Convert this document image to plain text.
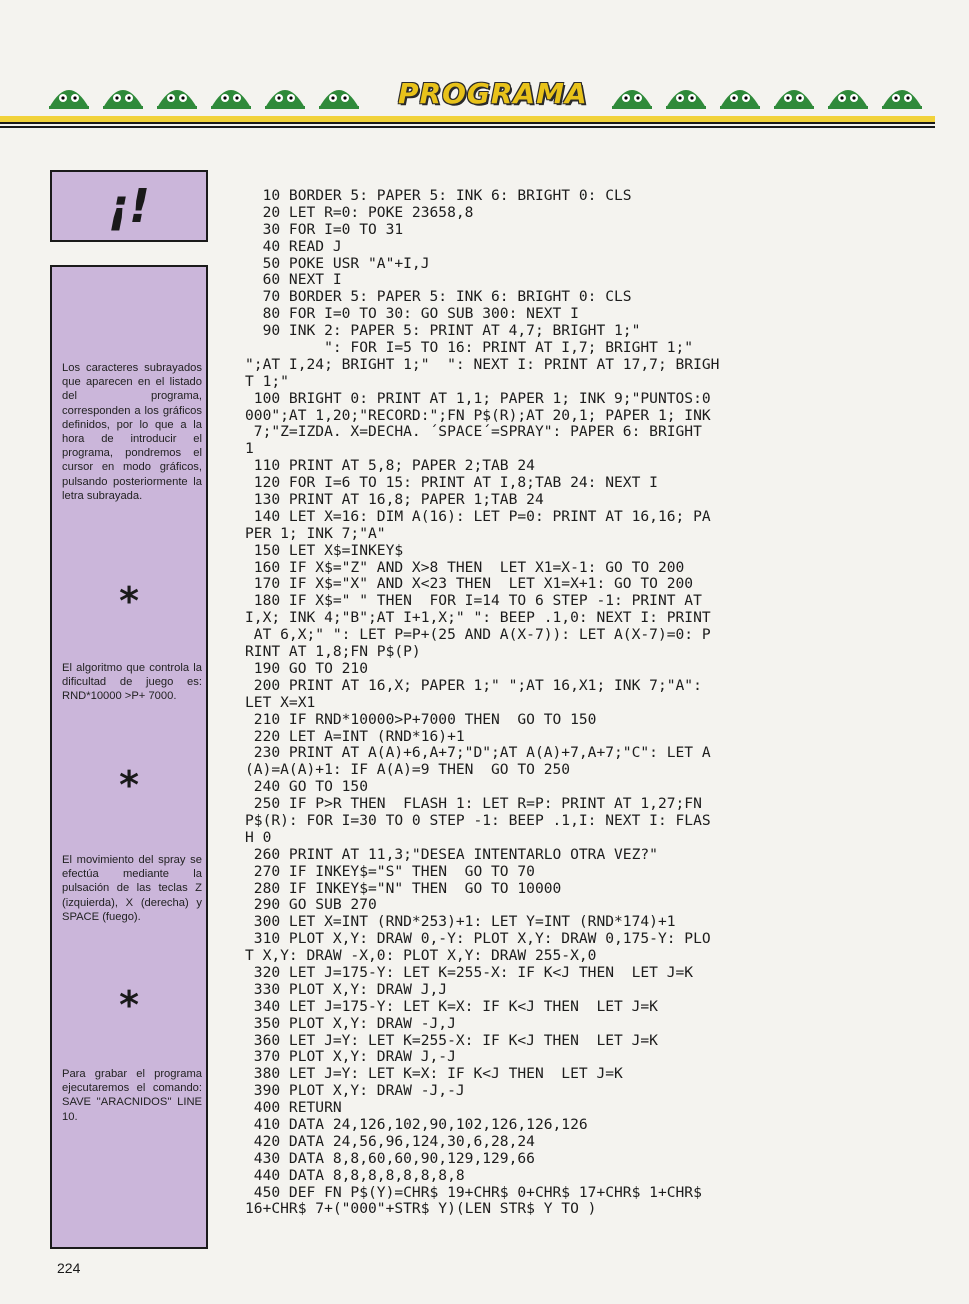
PROGRAMA
¡!
Los caracteres subrayados que aparecen en el listado del programa, corresponden a los gráficos definidos, por lo que a la hora de introducir el programa, pondremos el cursor en modo gráficos, pulsando posteriormente la letra subrayada.
*
El algoritmo que controla la dificultad de juego es: RND*10000 >P+ 7000.
*
El movimiento del spray se efectúa mediante la pulsación de las teclas Z (izquierda), X (derecha) y SPACE (fuego).
*
Para grabar el programa ejecutaremos el comando: SAVE ''ARACNIDOS'' LINE 10.
10 BORDER 5: PAPER 5: INK 6: BRIGHT 0: CLS
20 LET R=0: POKE 23658,8
30 FOR I=0 TO 31
40 READ J
50 POKE USR "A"+I,J
60 NEXT I
70 BORDER 5: PAPER 5: INK 6: BRIGHT 0: CLS
80 FOR I=0 TO 30: GO SUB 300: NEXT I
90 INK 2: PAPER 5: PRINT AT 4,7; BRIGHT 1;"
": FOR I=5 TO 16: PRINT AT I,7; BRIGHT 1;"
";AT I,24; BRIGHT 1;"  ": NEXT I: PRINT AT 17,7; BRIGH
T 1;"
100 BRIGHT 0: PRINT AT 1,1; PAPER 1; INK 9;"PUNTOS:0
000";AT 1,20;"RECORD:";FN P$(R);AT 20,1; PAPER 1; INK
7;"Z=IZDA. X=DECHA. ´SPACE´=SPRAY": PAPER 6: BRIGHT
1
110 PRINT AT 5,8; PAPER 2;TAB 24
120 FOR I=6 TO 15: PRINT AT I,8;TAB 24: NEXT I
130 PRINT AT 16,8; PAPER 1;TAB 24
140 LET X=16: DIM A(16): LET P=0: PRINT AT 16,16; PA
PER 1; INK 7;"A"
150 LET X$=INKEY$
160 IF X$="Z" AND X>8 THEN  LET X1=X-1: GO TO 200
170 IF X$="X" AND X<23 THEN  LET X1=X+1: GO TO 200
180 IF X$=" " THEN  FOR I=14 TO 6 STEP -1: PRINT AT
I,X; INK 4;"B";AT I+1,X;" ": BEEP .1,0: NEXT I: PRINT
AT 6,X;" ": LET P=P+(25 AND A(X-7)): LET A(X-7)=0: P
RINT AT 1,8;FN P$(P)
190 GO TO 210
200 PRINT AT 16,X; PAPER 1;" ";AT 16,X1; INK 7;"A":
LET X=X1
210 IF RND*10000>P+7000 THEN  GO TO 150
220 LET A=INT (RND*16)+1
230 PRINT AT A(A)+6,A+7;"D";AT A(A)+7,A+7;"C": LET A
(A)=A(A)+1: IF A(A)=9 THEN  GO TO 250
240 GO TO 150
250 IF P>R THEN  FLASH 1: LET R=P: PRINT AT 1,27;FN
P$(R): FOR I=30 TO 0 STEP -1: BEEP .1,I: NEXT I: FLAS
H 0
260 PRINT AT 11,3;"DESEA INTENTARLO OTRA VEZ?"
270 IF INKEY$="S" THEN  GO TO 70
280 IF INKEY$="N" THEN  GO TO 10000
290 GO SUB 270
300 LET X=INT (RND*253)+1: LET Y=INT (RND*174)+1
310 PLOT X,Y: DRAW 0,-Y: PLOT X,Y: DRAW 0,175-Y: PLO
T X,Y: DRAW -X,0: PLOT X,Y: DRAW 255-X,0
320 LET J=175-Y: LET K=255-X: IF K<J THEN  LET J=K
330 PLOT X,Y: DRAW J,J
340 LET J=175-Y: LET K=X: IF K<J THEN  LET J=K
350 PLOT X,Y: DRAW -J,J
360 LET J=Y: LET K=255-X: IF K<J THEN  LET J=K
370 PLOT X,Y: DRAW J,-J
380 LET J=Y: LET K=X: IF K<J THEN  LET J=K
390 PLOT X,Y: DRAW -J,-J
400 RETURN
410 DATA 24,126,102,90,102,126,126,126
420 DATA 24,56,96,124,30,6,28,24
430 DATA 8,8,60,60,90,129,129,66
440 DATA 8,8,8,8,8,8,8,8
450 DEF FN P$(Y)=CHR$ 19+CHR$ 0+CHR$ 17+CHR$ 1+CHR$
16+CHR$ 7+("000"+STR$ Y)(LEN STR$ Y TO )
224
